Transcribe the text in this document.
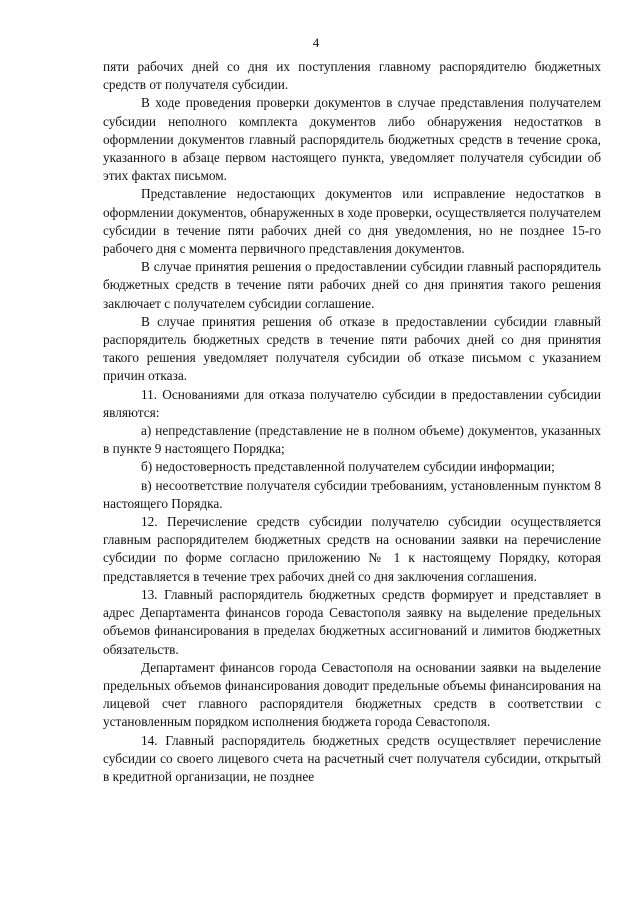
4

пяти рабочих дней со дня их поступления главному распорядителю бюджетных средств от получателя субсидии.

В ходе проведения проверки документов в случае представления получателем субсидии неполного комплекта документов либо обнаружения недостатков в оформлении документов главный распорядитель бюджетных средств в течение срока, указанного в абзаце первом настоящего пункта, уведомляет получателя субсидии об этих фактах письмом.

Представление недостающих документов или исправление недостатков в оформлении документов, обнаруженных в ходе проверки, осуществляется получателем субсидии в течение пяти рабочих дней со дня уведомления, но не позднее 15-го рабочего дня с момента первичного представления документов.

В случае принятия решения о предоставлении субсидии главный распорядитель бюджетных средств в течение пяти рабочих дней со дня принятия такого решения заключает с получателем субсидии соглашение.

В случае принятия решения об отказе в предоставлении субсидии главный распорядитель бюджетных средств в течение пяти рабочих дней со дня принятия такого решения уведомляет получателя субсидии об отказе письмом с указанием причин отказа.

11. Основаниями для отказа получателю субсидии в предоставлении субсидии являются:

а) непредставление (представление не в полном объеме) документов, указанных в пункте 9 настоящего Порядка;

б) недостоверность представленной получателем субсидии информации;

в) несоответствие получателя субсидии требованиям, установленным пунктом 8 настоящего Порядка.

12. Перечисление средств субсидии получателю субсидии осуществляется главным распорядителем бюджетных средств на основании заявки на перечисление субсидии по форме согласно приложению № 1 к настоящему Порядку, которая представляется в течение трех рабочих дней со дня заключения соглашения.

13. Главный распорядитель бюджетных средств формирует и представляет в адрес Департамента финансов города Севастополя заявку на выделение предельных объемов финансирования в пределах бюджетных ассигнований и лимитов бюджетных обязательств.

Департамент финансов города Севастополя на основании заявки на выделение предельных объемов финансирования доводит предельные объемы финансирования на лицевой счет главного распорядителя бюджетных средств в соответствии с установленным порядком исполнения бюджета города Севастополя.

14. Главный распорядитель бюджетных средств осуществляет перечисление субсидии со своего лицевого счета на расчетный счет получателя субсидии, открытый в кредитной организации, не позднее
